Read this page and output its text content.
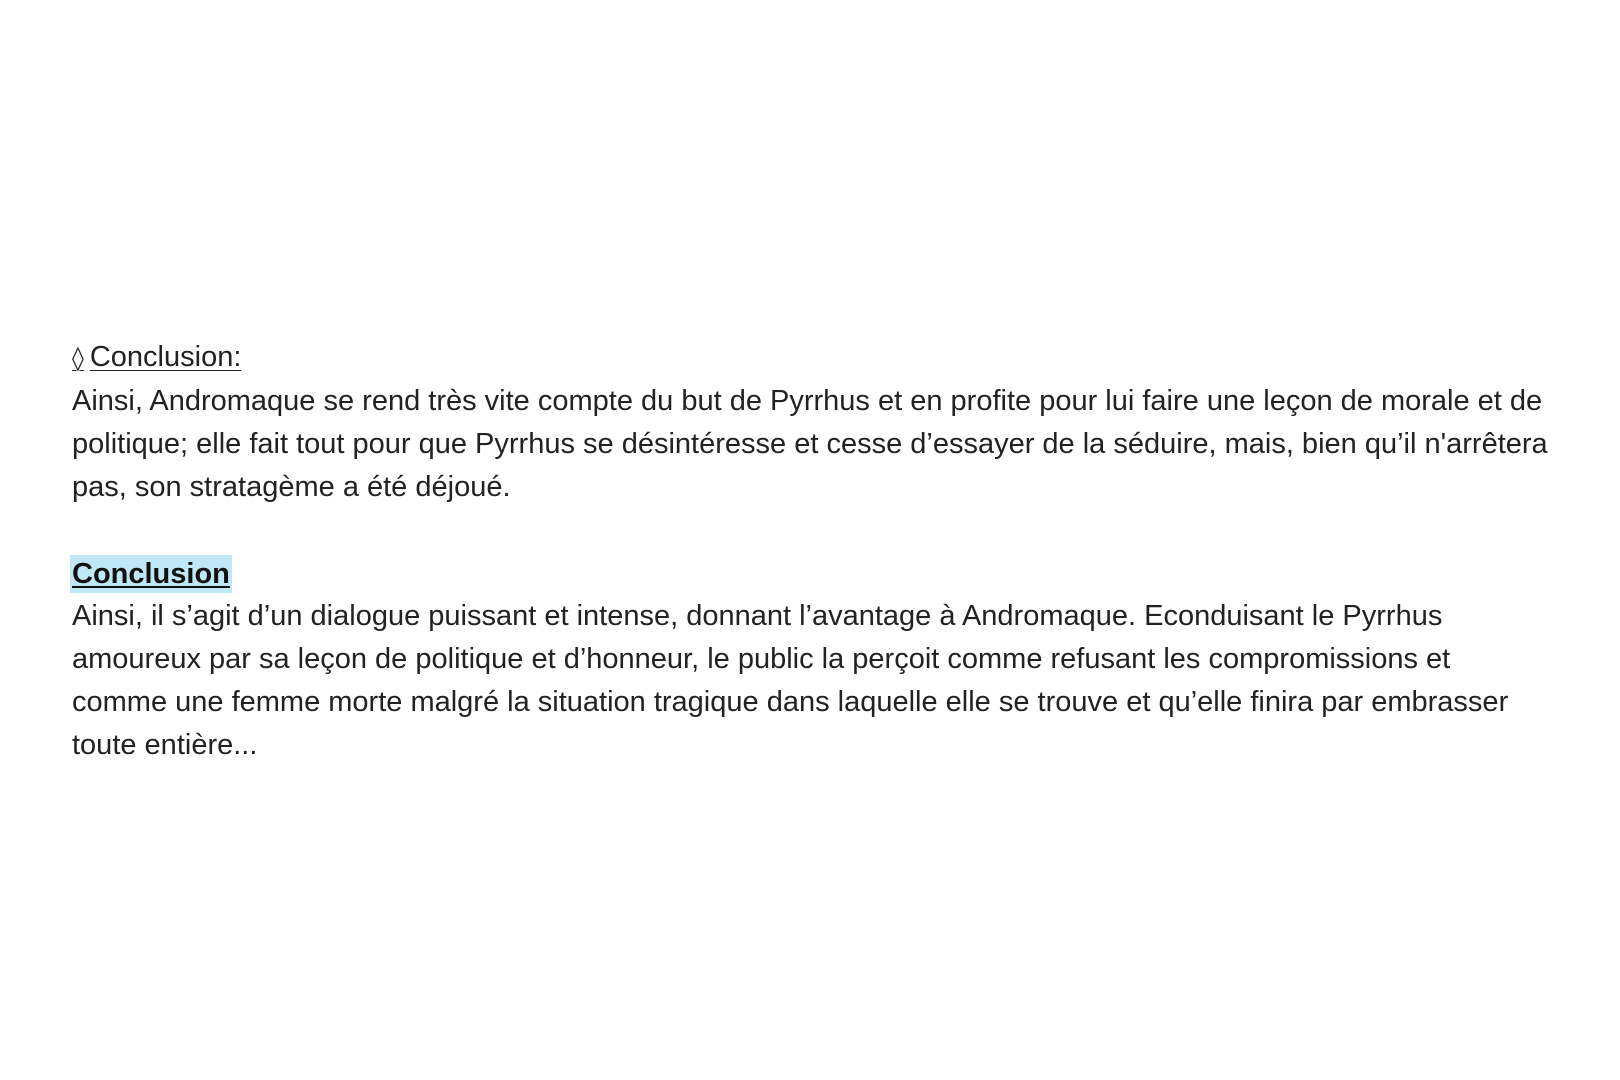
◊ Conclusion:

Ainsi, Andromaque se rend très vite compte du but de Pyrrhus et en profite pour lui faire une leçon de morale et de politique; elle fait tout pour que Pyrrhus se désintéresse et cesse d’essayer de la séduire, mais, bien qu’il n'arrêtera pas, son stratagème a été déjoué.

Conclusion

Ainsi, il s’agit d’un dialogue puissant et intense, donnant l’avantage à Andromaque. Econduisant le Pyrrhus amoureux par sa leçon de politique et d’honneur, le public la perçoit comme refusant les compromissions et comme une femme morte malgré la situation tragique dans laquelle elle se trouve et qu’elle finira par embrasser toute entière...
